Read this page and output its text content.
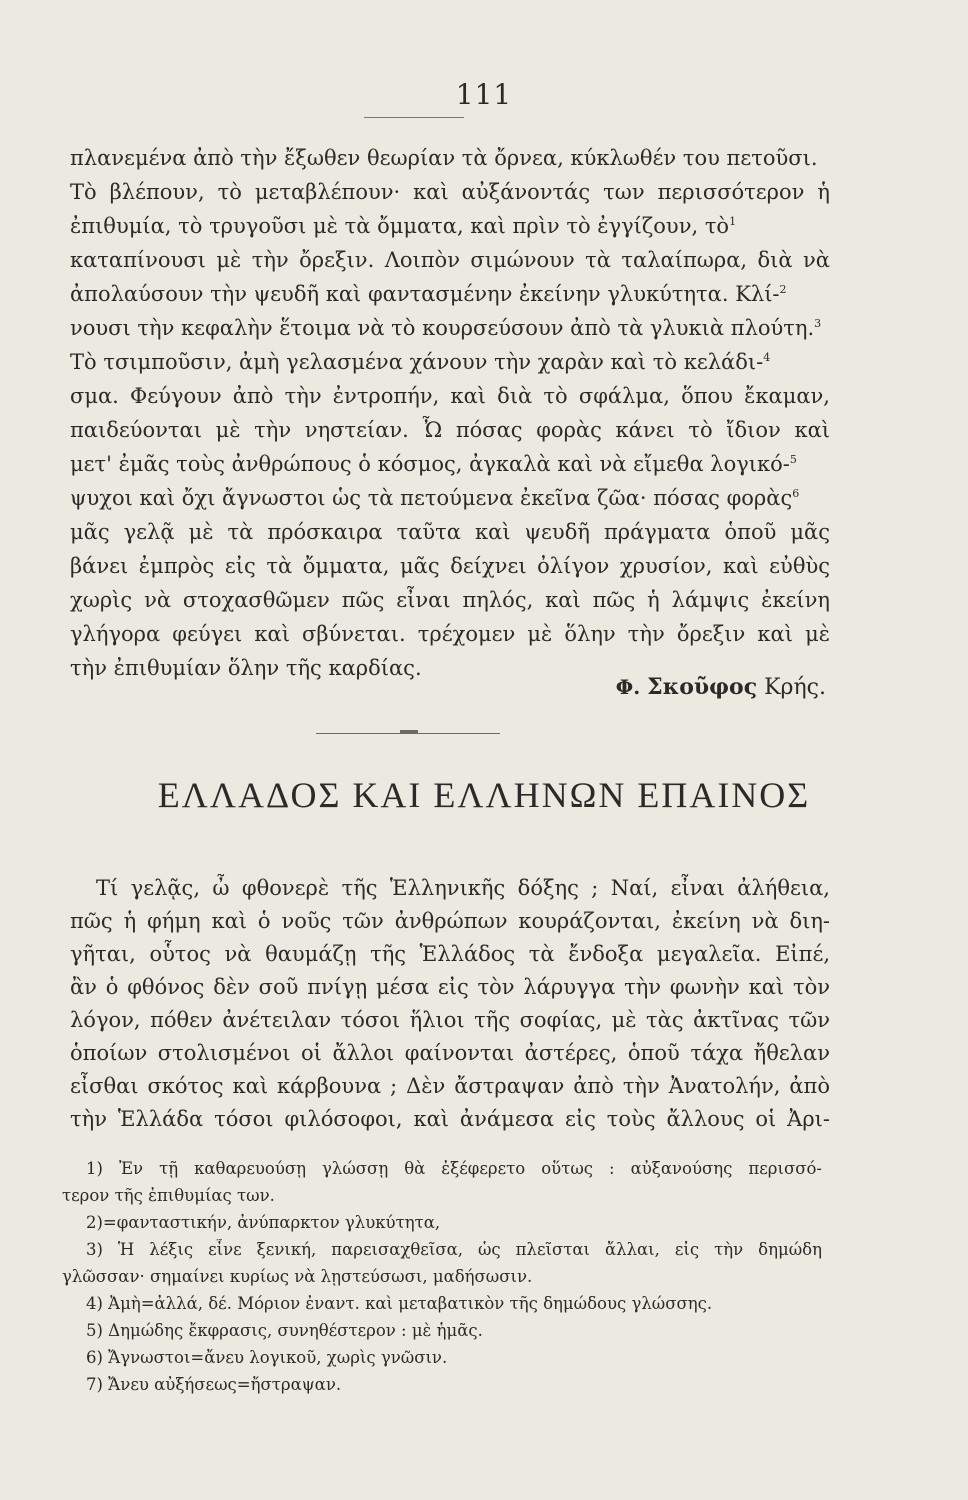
111
πλανεμένα ἀπὸ τὴν ἔξωθεν θεωρίαν τὰ ὄρνεα, κύκλωθέν του πετοῦσι.
Τὸ βλέπουν, τὸ μεταβλέπουν· καὶ αὐξάνοντάς των περισσότερον ἡ
ἐπιθυμία, τὸ τρυγοῦσι μὲ τὰ ὄμματα, καὶ πρὶν τὸ ἐγγίζουν, τὸ$^1$
καταπίνουσι μὲ τὴν ὄρεξιν. Λοιπὸν σιμώνουν τὰ ταλαίπωρα, διὰ νὰ
ἀπολαύσουν τὴν ψευδῆ καὶ φαντασμένην ἐκείνην γλυκύτητα. Κλί-$^2$
νουσι τὴν κεφαλὴν ἕτοιμα νὰ τὸ κουρσεύσουν ἀπὸ τὰ γλυκιὰ πλούτη.$^3$
Τὸ τσιμποῦσιν, ἀμὴ γελασμένα χάνουν τὴν χαρὰν καὶ τὸ κελάδι-$^4$
σμα. Φεύγουν ἀπὸ τὴν ἐντροπήν, καὶ διὰ τὸ σφάλμα, ὅπου ἔκαμαν,
παιδεύονται μὲ τὴν νηστείαν. Ὦ πόσας φορὰς κάνει τὸ ἴδιον καὶ
μετ' ἐμᾶς τοὺς ἀνθρώπους ὁ κόσμος, ἀγκαλὰ καὶ νὰ εἴμεθα λογικό-$^5$
ψυχοι καὶ ὄχι ἄγνωστοι ὡς τὰ πετούμενα ἐκεῖνα ζῶα· πόσας φορὰς$^6$
μᾶς γελᾷ μὲ τὰ πρόσκαιρα ταῦτα καὶ ψευδῆ πράγματα ὁποῦ μᾶς
βάνει ἐμπρὸς εἰς τὰ ὄμματα, μᾶς δείχνει ὀλίγον χρυσίον, καὶ εὐθὺς
χωρὶς νὰ στοχασθῶμεν πῶς εἶναι πηλός, καὶ πῶς ἡ λάμψις ἐκείνη
γλήγορα φεύγει καὶ σβύνεται. τρέχομεν μὲ ὅλην τὴν ὄρεξιν καὶ μὲ
τὴν ἐπιθυμίαν ὅλην τῆς καρδίας.
Φ. Σκοῦφος Κρής.
ΕΛΛΑΔΟΣ ΚΑΙ ΕΛΛΗΝΩΝ ΕΠΑΙΝΟΣ
Τί γελᾷς, ὦ φθονερὲ τῆς Ἑλληνικῆς δόξης ; Ναί, εἶναι ἀλήθεια,
πῶς ἡ φήμη καὶ ὁ νοῦς τῶν ἀνθρώπων κουράζονται, ἐκείνη νὰ διη-
γῆται, οὗτος νὰ θαυμάζῃ τῆς Ἑλλάδος τὰ ἔνδοξα μεγαλεῖα. Εἰπέ,
ἂν ὁ φθόνος δὲν σοῦ πνίγῃ μέσα εἰς τὸν λάρυγγα τὴν φωνὴν καὶ τὸν
λόγον, πόθεν ἀνέτειλαν τόσοι ἥλιοι τῆς σοφίας, μὲ τὰς ἀκτῖνας τῶν
ὁποίων στολισμένοι οἱ ἄλλοι φαίνονται ἀστέρες, ὁποῦ τάχα ἤθελαν
εἶσθαι σκότος καὶ κάρβουνα ; Δὲν ἄστραψαν ἀπὸ τὴν Ἀνατολήν, ἀπὸ
τὴν Ἑλλάδα τόσοι φιλόσοφοι, καὶ ἀνάμεσα εἰς τοὺς ἄλλους οἱ Ἀρι-
1) Ἐν τῇ καθαρευούσῃ γλώσσῃ θὰ ἐξέφερετο οὕτως : αὐξανούσης περισσό-
τερον τῆς ἐπιθυμίας των.
2)=φανταστικήν, ἀνύπαρκτον γλυκύτητα,
3) Ἡ λέξις εἶνε ξενική, παρεισαχθεῖσα, ὡς πλεῖσται ἄλλαι, εἰς τὴν δημώδη
γλῶσσαν· σημαίνει κυρίως νὰ λῃστεύσωσι, μαδήσωσιν.
4) Ἀμὴ=ἀλλά, δέ. Μόριον ἐναντ. καὶ μεταβατικὸν τῆς δημώδους γλώσσης.
5) Δημώδης ἔκφρασις, συνηθέστερον : μὲ ἡμᾶς.
6) Ἄγνωστοι=ἄνευ λογικοῦ, χωρὶς γνῶσιν.
7) Ἄνευ αὐξήσεως=ἤστραψαν.
